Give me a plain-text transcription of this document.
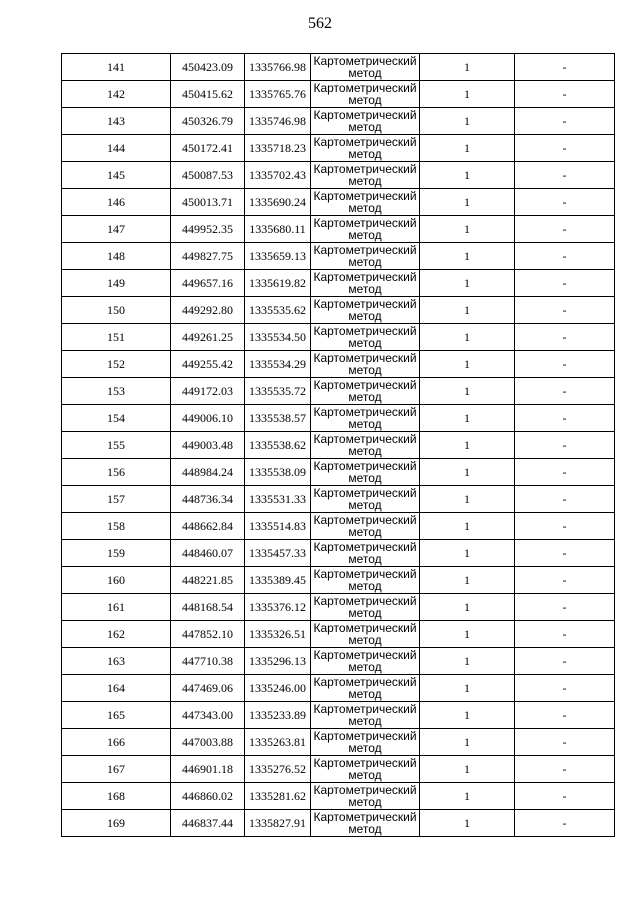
562
141	450423.09	1335766.98	Картометрический метод	1	-
142	450415.62	1335765.76	Картометрический метод	1	-
143	450326.79	1335746.98	Картометрический метод	1	-
144	450172.41	1335718.23	Картометрический метод	1	-
145	450087.53	1335702.43	Картометрический метод	1	-
146	450013.71	1335690.24	Картометрический метод	1	-
147	449952.35	1335680.11	Картометрический метод	1	-
148	449827.75	1335659.13	Картометрический метод	1	-
149	449657.16	1335619.82	Картометрический метод	1	-
150	449292.80	1335535.62	Картометрический метод	1	-
151	449261.25	1335534.50	Картометрический метод	1	-
152	449255.42	1335534.29	Картометрический метод	1	-
153	449172.03	1335535.72	Картометрический метод	1	-
154	449006.10	1335538.57	Картометрический метод	1	-
155	449003.48	1335538.62	Картометрический метод	1	-
156	448984.24	1335538.09	Картометрический метод	1	-
157	448736.34	1335531.33	Картометрический метод	1	-
158	448662.84	1335514.83	Картометрический метод	1	-
159	448460.07	1335457.33	Картометрический метод	1	-
160	448221.85	1335389.45	Картометрический метод	1	-
161	448168.54	1335376.12	Картометрический метод	1	-
162	447852.10	1335326.51	Картометрический метод	1	-
163	447710.38	1335296.13	Картометрический метод	1	-
164	447469.06	1335246.00	Картометрический метод	1	-
165	447343.00	1335233.89	Картометрический метод	1	-
166	447003.88	1335263.81	Картометрический метод	1	-
167	446901.18	1335276.52	Картометрический метод	1	-
168	446860.02	1335281.62	Картометрический метод	1	-
169	446837.44	1335827.91	Картометрический метод	1	-
